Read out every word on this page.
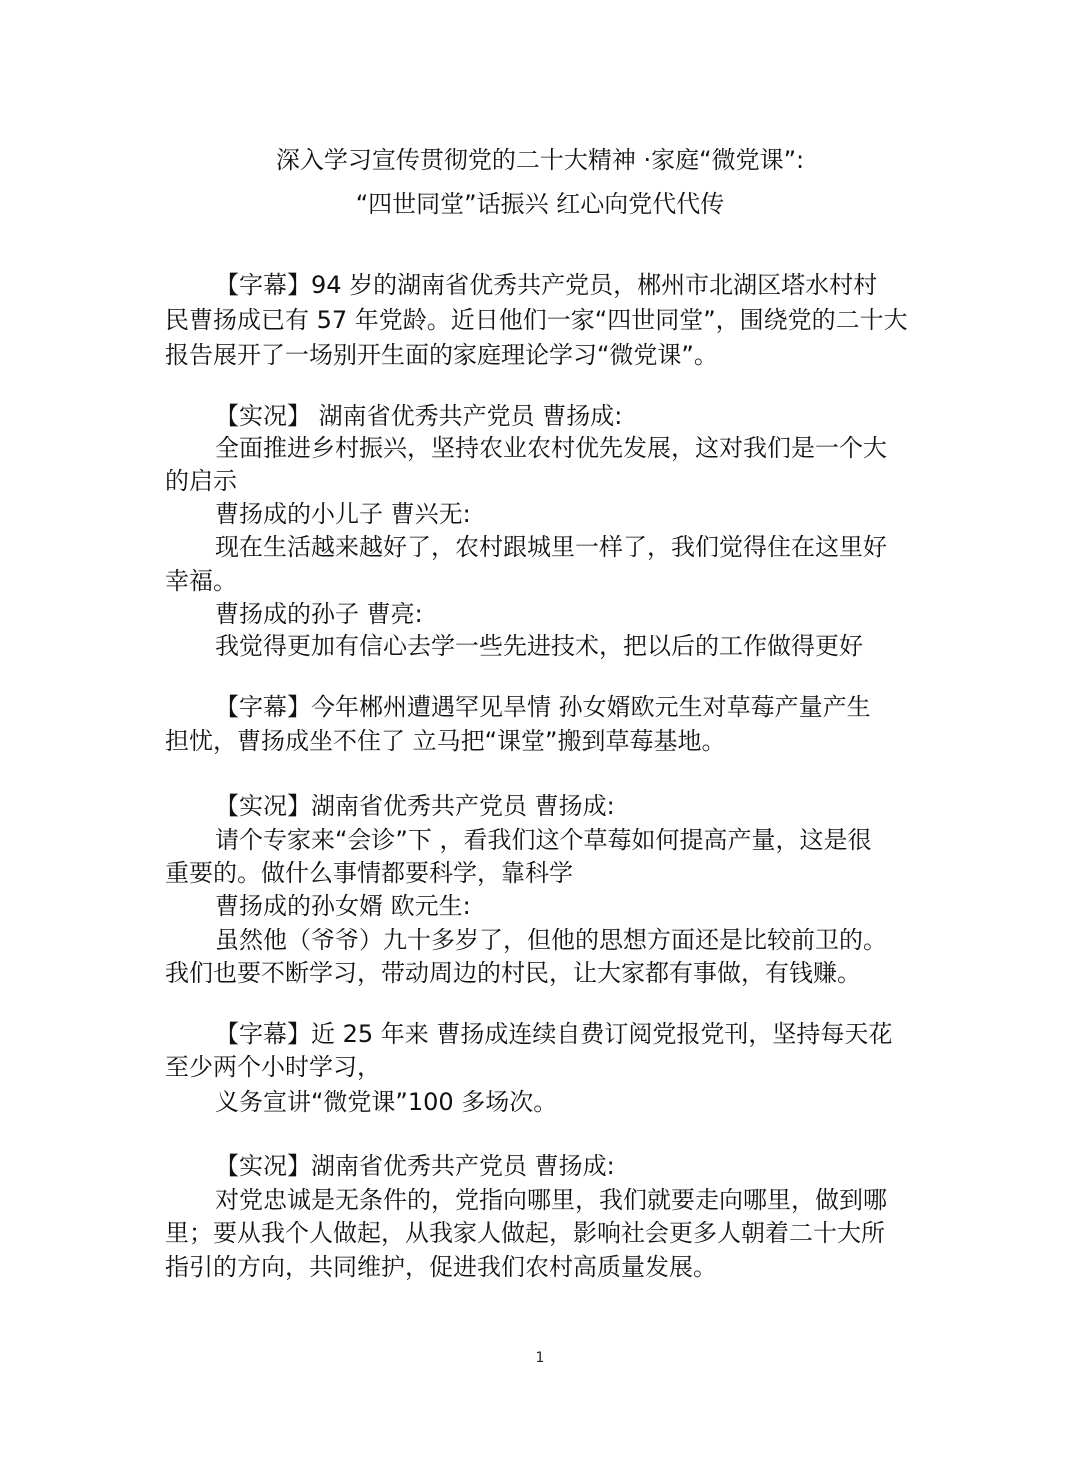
深入学习宣传贯彻党的二十大精神 ·家庭“微党课”:
“四世同堂”话振兴 红心向党代代传
【字幕】94 岁的湖南省优秀共产党员，郴州市北湖区塔水村村
民曹扬成已有 57 年党龄。近日他们一家“四世同堂”，围绕党的二十大
报告展开了一场别开生面的家庭理论学习“微党课”。
【实况】 湖南省优秀共产党员 曹扬成:
全面推进乡村振兴，坚持农业农村优先发展，这对我们是一个大
的启示
曹扬成的小儿子 曹兴无:
现在生活越来越好了，农村跟城里一样了，我们觉得住在这里好
幸福。
曹扬成的孙子 曹亮:
我觉得更加有信心去学一些先进技术，把以后的工作做得更好
【字幕】今年郴州遭遇罕见旱情 孙女婿欧元生对草莓产量产生
担忧，曹扬成坐不住了 立马把“课堂”搬到草莓基地。
【实况】湖南省优秀共产党员 曹扬成:
请个专家来“会诊”下 ，看我们这个草莓如何提高产量，这是很
重要的。做什么事情都要科学，靠科学
曹扬成的孙女婿 欧元生:
虽然他（爷爷）九十多岁了，但他的思想方面还是比较前卫的。
我们也要不断学习，带动周边的村民，让大家都有事做，有钱赚。
【字幕】近 25 年来 曹扬成连续自费订阅党报党刊，坚持每天花
至少两个小时学习，
义务宣讲“微党课”100 多场次。
【实况】湖南省优秀共产党员 曹扬成:
对党忠诚是无条件的，党指向哪里，我们就要走向哪里，做到哪
里；要从我个人做起，从我家人做起，影响社会更多人朝着二十大所
指引的方向，共同维护，促进我们农村高质量发展。
1
